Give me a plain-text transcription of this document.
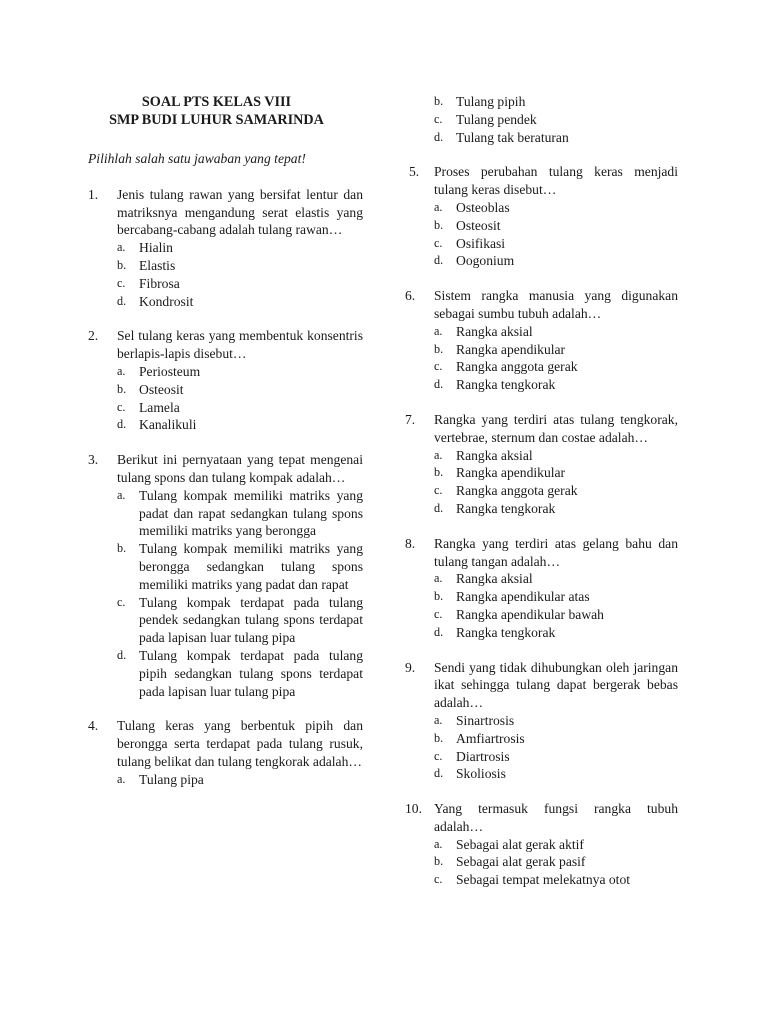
SOAL PTS KELAS VIII
SMP BUDI LUHUR SAMARINDA
Pilihlah salah satu jawaban yang tepat!
1.	Jenis tulang rawan yang bersifat lentur dan matriksnya mengandung serat elastis yang bercabang-cabang adalah tulang rawan…
a. Hialin
b. Elastis
c. Fibrosa
d. Kondrosit
2.	Sel tulang keras yang membentuk konsentris berlapis-lapis disebut…
a. Periosteum
b. Osteosit
c. Lamela
d. Kanalikuli
3.	Berikut ini pernyataan yang tepat mengenai tulang spons dan tulang kompak adalah…
a. Tulang kompak memiliki matriks yang padat dan rapat sedangkan tulang spons memiliki matriks yang berongga
b. Tulang kompak memiliki matriks yang berongga sedangkan tulang spons memiliki matriks yang padat dan rapat
c. Tulang kompak terdapat pada tulang pendek sedangkan tulang spons terdapat pada lapisan luar tulang pipa
d. Tulang kompak terdapat pada tulang pipih sedangkan tulang spons terdapat pada lapisan luar tulang pipa
4.	Tulang keras yang berbentuk pipih dan berongga serta terdapat pada tulang rusuk, tulang belikat dan tulang tengkorak adalah…
a. Tulang pipa
b. Tulang pipih
c. Tulang pendek
d. Tulang tak beraturan
5.	Proses perubahan tulang keras menjadi tulang keras disebut…
a. Osteoblas
b. Osteosit
c. Osifikasi
d. Oogonium
6.	Sistem rangka manusia yang digunakan sebagai sumbu tubuh adalah…
a. Rangka aksial
b. Rangka apendikular
c. Rangka anggota gerak
d. Rangka tengkorak
7.	Rangka yang terdiri atas tulang tengkorak, vertebrae, sternum dan costae adalah…
a. Rangka aksial
b. Rangka apendikular
c. Rangka anggota gerak
d. Rangka tengkorak
8.	Rangka yang terdiri atas gelang bahu dan tulang tangan adalah…
a. Rangka aksial
b. Rangka apendikular atas
c. Rangka apendikular bawah
d. Rangka tengkorak
9.	Sendi yang tidak dihubungkan oleh jaringan ikat sehingga tulang dapat bergerak bebas adalah…
a. Sinartrosis
b. Amfiartrosis
c. Diartrosis
d. Skoliosis
10. Yang termasuk fungsi rangka tubuh adalah…
a. Sebagai alat gerak aktif
b. Sebagai alat gerak pasif
c. Sebagai tempat melekatnya otot
